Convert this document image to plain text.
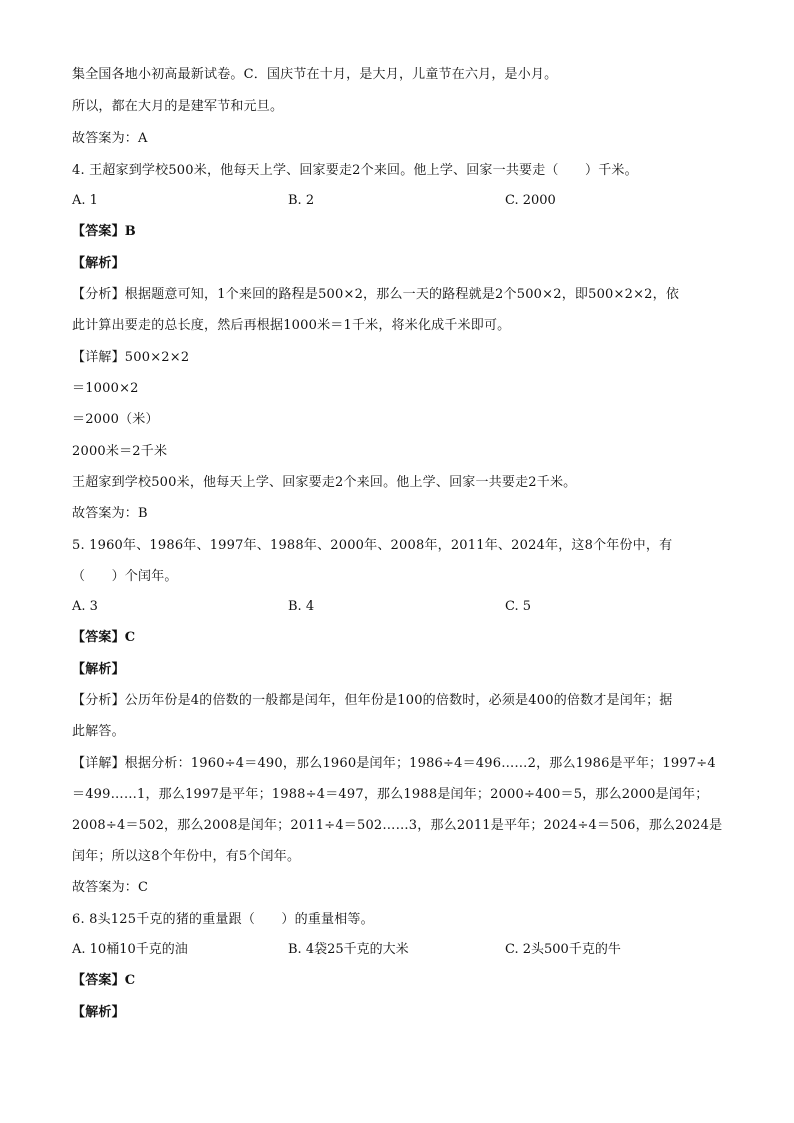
集全国各地小初高最新试卷。C．国庆节在十月，是大月，儿童节在六月，是小月。
所以，都在大月的是建军节和元旦。
故答案为：A
4. 王超家到学校500米，他每天上学、回家要走2个来回。他上学、回家一共要走（　　）千米。
A. 1	B. 2	C. 2000
【答案】B
【解析】
【分析】根据题意可知，1个来回的路程是500×2，那么一天的路程就是2个500×2，即500×2×2，依
此计算出要走的总长度，然后再根据1000米＝1千米，将米化成千米即可。
【详解】500×2×2
＝1000×2
＝2000（米）
2000米＝2千米
王超家到学校500米，他每天上学、回家要走2个来回。他上学、回家一共要走2千米。
故答案为：B
5. 1960年、1986年、1997年、1988年、2000年、2008年，2011年、2024年，这8个年份中，有
（　　）个闰年。
A. 3	B. 4	C. 5
【答案】C
【解析】
【分析】公历年份是4的倍数的一般都是闰年，但年份是100的倍数时，必须是400的倍数才是闰年；据
此解答。
【详解】根据分析：1960÷4＝490，那么1960是闰年；1986÷4＝496……2，那么1986是平年；1997÷4
＝499……1，那么1997是平年；1988÷4＝497，那么1988是闰年；2000÷400＝5，那么2000是闰年；
2008÷4＝502，那么2008是闰年；2011÷4＝502……3，那么2011是平年；2024÷4＝506，那么2024是
闰年；所以这8个年份中，有5个闰年。
故答案为：C
6. 8头125千克的猪的重量跟（　　）的重量相等。
A. 10桶10千克的油	B. 4袋25千克的大米	C. 2头500千克的牛
【答案】C
【解析】
